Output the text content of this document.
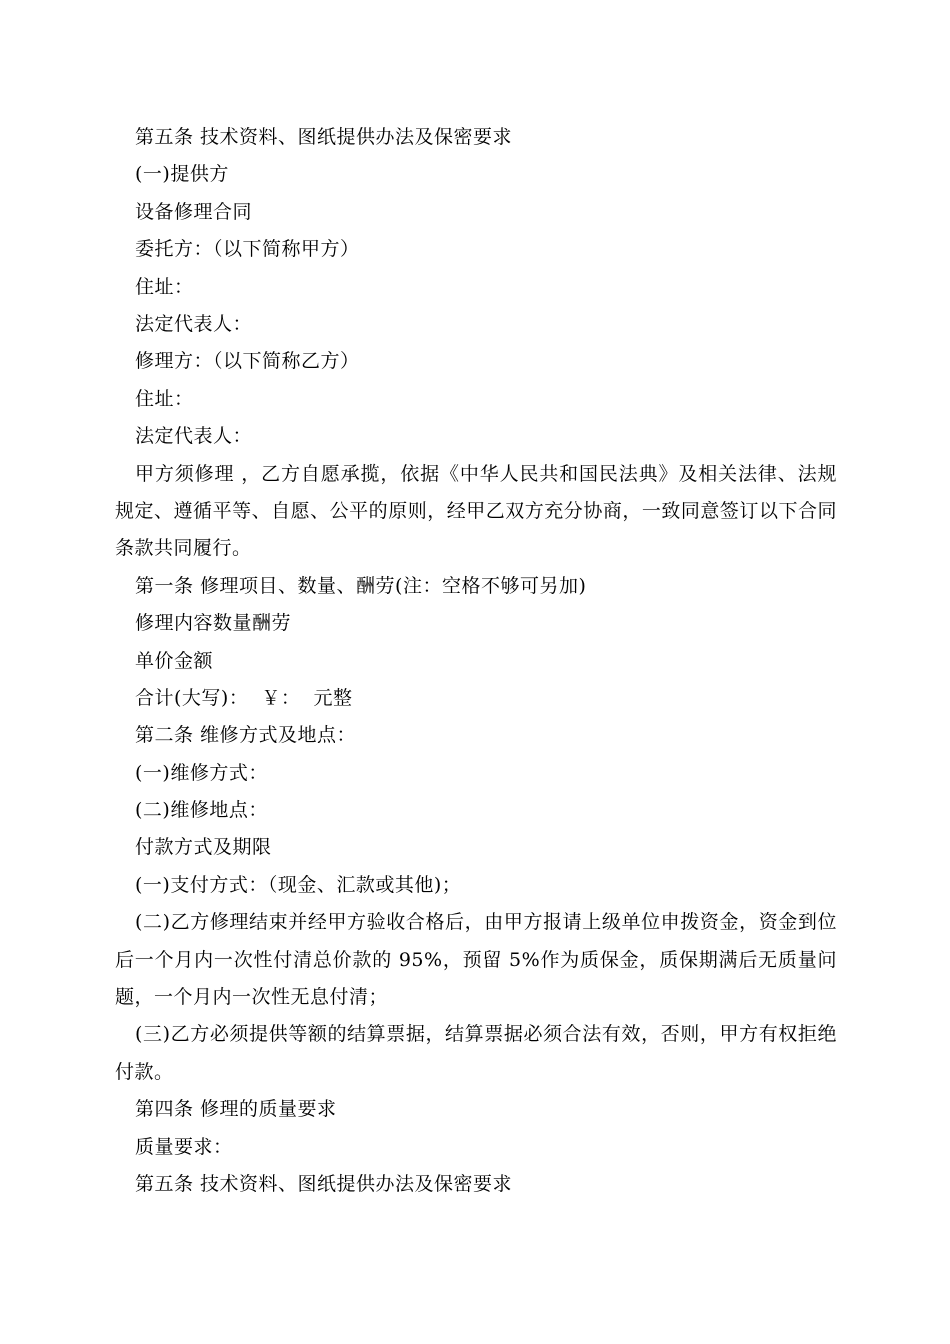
第五条 技术资料、图纸提供办法及保密要求
(一)提供方
设备修理合同
委托方：（以下简称甲方）
住址：
法定代表人：
修理方：（以下简称乙方）
住址：
法定代表人：

甲方须修理 ，乙方自愿承揽，依据《中华人民共和国民法典》及相关法律、法规规定、遵循平等、自愿、公平的原则，经甲乙双方充分协商，一致同意签订以下合同条款共同履行。

第一条 修理项目、数量、酬劳(注：空格不够可另加)
修理内容数量酬劳
单价金额
合计(大写)：  ￥：  元整
第二条 维修方式及地点：
(一)维修方式：
(二)维修地点：
付款方式及期限
(一)支付方式：（现金、汇款或其他)；

(二)乙方修理结束并经甲方验收合格后，由甲方报请上级单位申拨资金，资金到位后一个月内一次性付清总价款的 95%，预留 5%作为质保金，质保期满后无质量问题，一个月内一次性无息付清；

(三)乙方必须提供等额的结算票据，结算票据必须合法有效，否则，甲方有权拒绝付款。

第四条 修理的质量要求
质量要求：
第五条 技术资料、图纸提供办法及保密要求
